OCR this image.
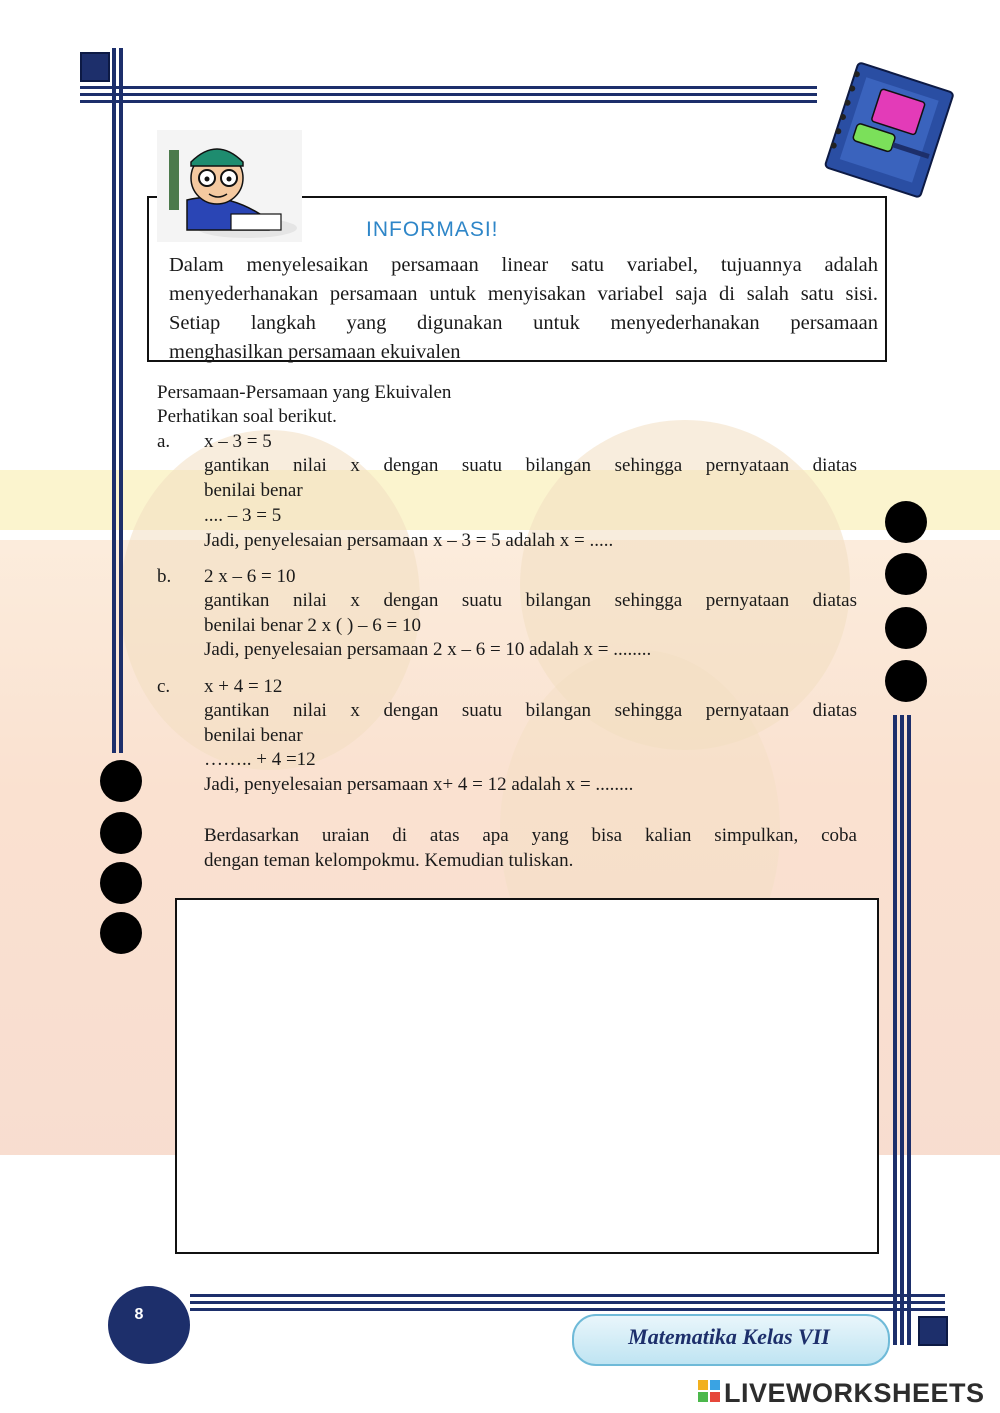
INFORMASI!

Dalam menyelesaikan persamaan linear satu variabel, tujuannya adalah

menyederhanakan persamaan untuk menyisakan variabel saja di salah satu sisi.

Setiap langkah yang digunakan untuk menyederhanakan persamaan

menghasilkan persamaan ekuivalen

Persamaan-Persamaan yang Ekuivalen
Perhatikan soal berikut.
a. x – 3 = 5
gantikan nilai x dengan suatu bilangan sehingga pernyataan diatas
benilai benar
.... – 3 = 5
Jadi, penyelesaian persamaan x – 3 = 5 adalah x = .....
b. 2 x – 6 = 10
gantikan nilai x dengan suatu bilangan sehingga pernyataan diatas
benilai benar 2 x ( ) – 6 = 10
Jadi, penyelesaian persamaan 2 x – 6 = 10 adalah x = ........
c. x + 4 = 12
gantikan nilai x dengan suatu bilangan sehingga pernyataan diatas
benilai benar
…….. + 4 =12
Jadi, penyelesaian persamaan x+ 4 = 12 adalah x = ........
Berdasarkan uraian di atas apa yang bisa kalian simpulkan, coba
dengan teman kelompokmu. Kemudian tuliskan.
8
Matematika Kelas VII
LIVEWORKSHEETS
